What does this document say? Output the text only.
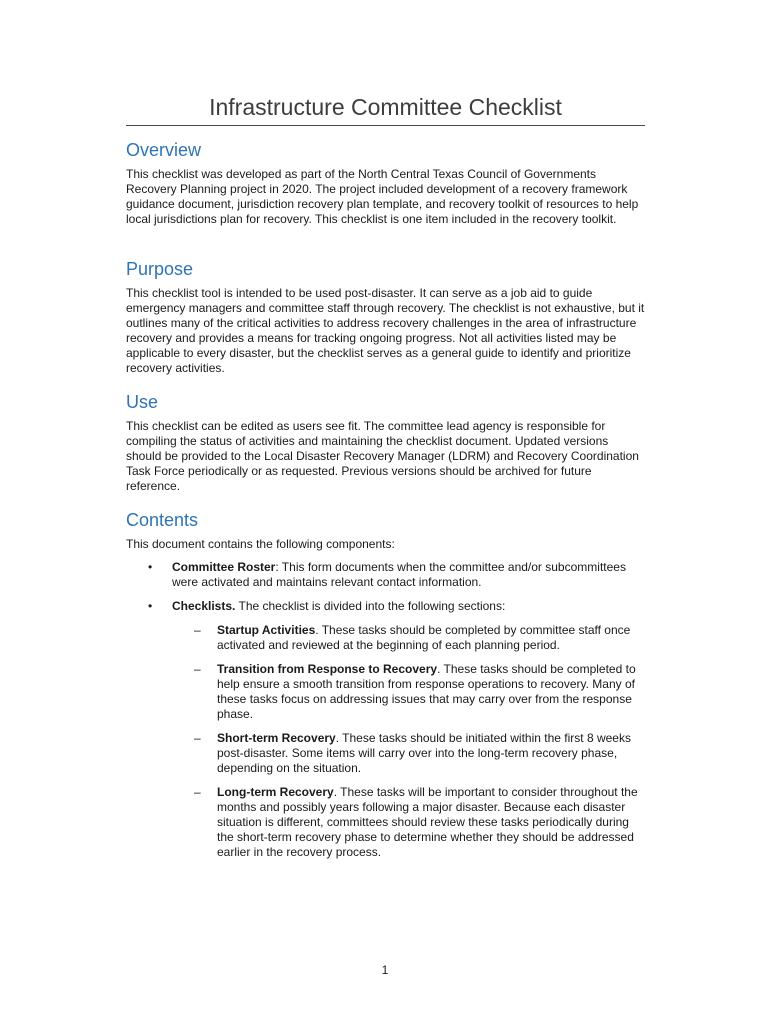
Infrastructure Committee Checklist
Overview

This checklist was developed as part of the North Central Texas Council of Governments Recovery Planning project in 2020. The project included development of a recovery framework guidance document, jurisdiction recovery plan template, and recovery toolkit of resources to help local jurisdictions plan for recovery. This checklist is one item included in the recovery toolkit.

Purpose

This checklist tool is intended to be used post-disaster. It can serve as a job aid to guide emergency managers and committee staff through recovery. The checklist is not exhaustive, but it outlines many of the critical activities to address recovery challenges in the area of infrastructure recovery and provides a means for tracking ongoing progress. Not all activities listed may be applicable to every disaster, but the checklist serves as a general guide to identify and prioritize recovery activities.

Use

This checklist can be edited as users see fit. The committee lead agency is responsible for compiling the status of activities and maintaining the checklist document. Updated versions should be provided to the Local Disaster Recovery Manager (LDRM) and Recovery Coordination Task Force periodically or as requested. Previous versions should be archived for future reference.

Contents

This document contains the following components:

• Committee Roster: This form documents when the committee and/or subcommittees were activated and maintains relevant contact information.
• Checklists. The checklist is divided into the following sections:
– Startup Activities. These tasks should be completed by committee staff once activated and reviewed at the beginning of each planning period.
– Transition from Response to Recovery. These tasks should be completed to help ensure a smooth transition from response operations to recovery. Many of these tasks focus on addressing issues that may carry over from the response phase.
– Short-term Recovery. These tasks should be initiated within the first 8 weeks post-disaster. Some items will carry over into the long-term recovery phase, depending on the situation.
– Long-term Recovery. These tasks will be important to consider throughout the months and possibly years following a major disaster. Because each disaster situation is different, committees should review these tasks periodically during the short-term recovery phase to determine whether they should be addressed earlier in the recovery process.
1
